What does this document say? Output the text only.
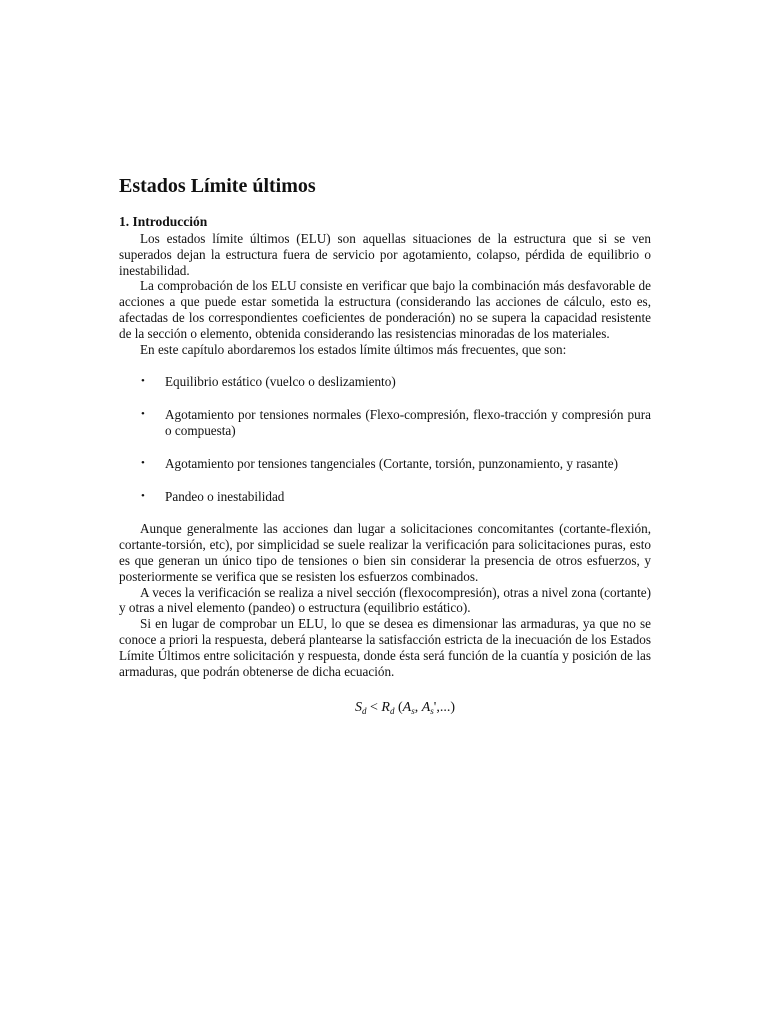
Estados Límite últimos
1. Introducción

Los estados límite últimos (ELU) son aquellas situaciones de la estructura que si se ven superados dejan la estructura fuera de servicio por agotamiento, colapso, pérdida de equilibrio o inestabilidad.

La comprobación de los ELU consiste en verificar que bajo la combinación más desfavorable de acciones a que puede estar sometida la estructura (considerando las acciones de cálculo, esto es, afectadas de los correspondientes coeficientes de ponderación) no se supera la capacidad resistente de la sección o elemento, obtenida considerando las resistencias minoradas de los materiales.

En este capítulo abordaremos los estados límite últimos más frecuentes, que son:

• Equilibrio estático (vuelco o deslizamiento)
• Agotamiento por tensiones normales (Flexo-compresión, flexo-tracción y compresión pura o compuesta)
• Agotamiento por tensiones tangenciales (Cortante, torsión, punzonamiento, y rasante)
• Pandeo o inestabilidad

Aunque generalmente las acciones dan lugar a solicitaciones concomitantes (cortante-flexión, cortante-torsión, etc), por simplicidad se suele realizar la verificación para solicitaciones puras, esto es que generan un único tipo de tensiones o bien sin considerar la presencia de otros esfuerzos, y posteriormente se verifica que se resisten los esfuerzos combinados.

A veces la verificación se realiza a nivel sección (flexocompresión), otras a nivel zona (cortante) y otras a nivel elemento (pandeo) o estructura (equilibrio estático).

Si en lugar de comprobar un ELU, lo que se desea es dimensionar las armaduras, ya que no se conoce a priori la respuesta, deberá plantearse la satisfacción estricta de la inecuación de los Estados Límite Últimos entre solicitación y respuesta, donde ésta será función de la cuantía y posición de las armaduras, que podrán obtenerse de dicha ecuación.

$S_d < R_d$ ($A_s$, $A_s'$,...)
